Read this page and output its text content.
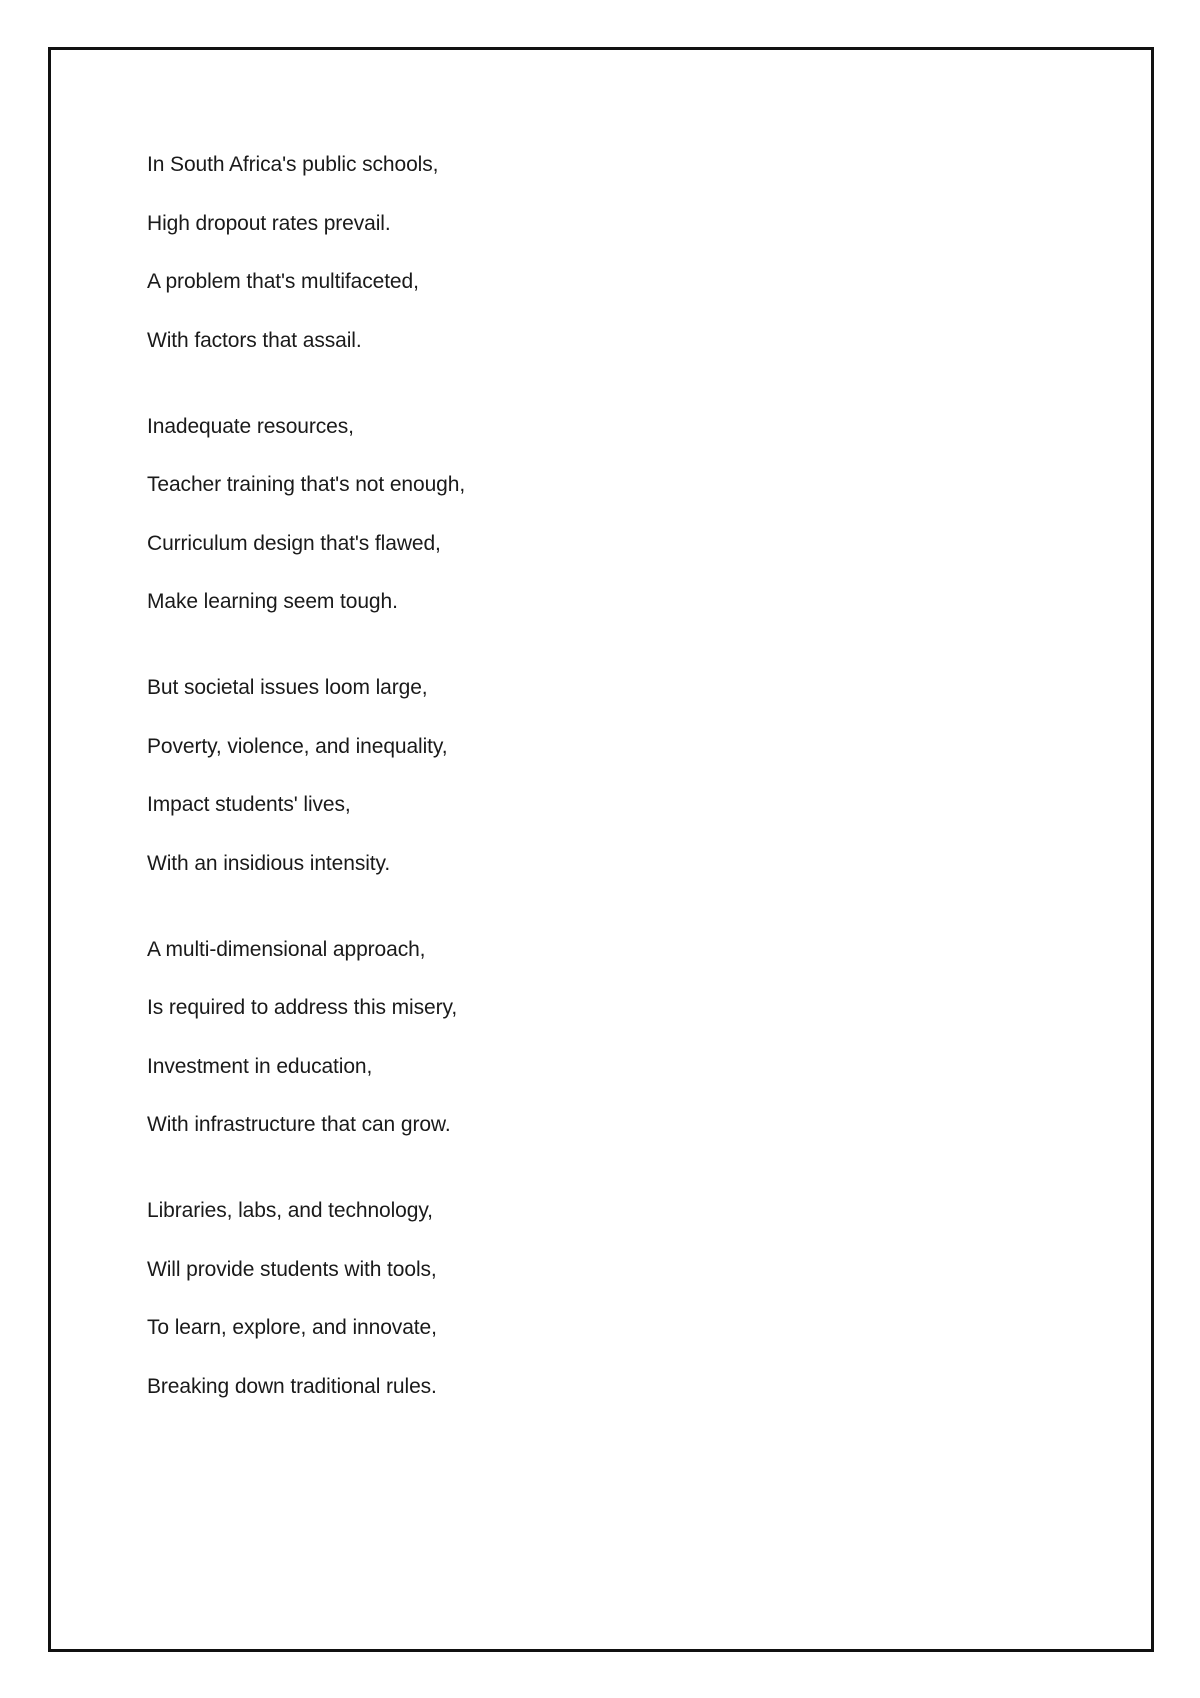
In South Africa's public schools,
High dropout rates prevail.
A problem that's multifaceted,
With factors that assail.
Inadequate resources,
Teacher training that's not enough,
Curriculum design that's flawed,
Make learning seem tough.
But societal issues loom large,
Poverty, violence, and inequality,
Impact students' lives,
With an insidious intensity.
A multi-dimensional approach,
Is required to address this misery,
Investment in education,
With infrastructure that can grow.
Libraries, labs, and technology,
Will provide students with tools,
To learn, explore, and innovate,
Breaking down traditional rules.
